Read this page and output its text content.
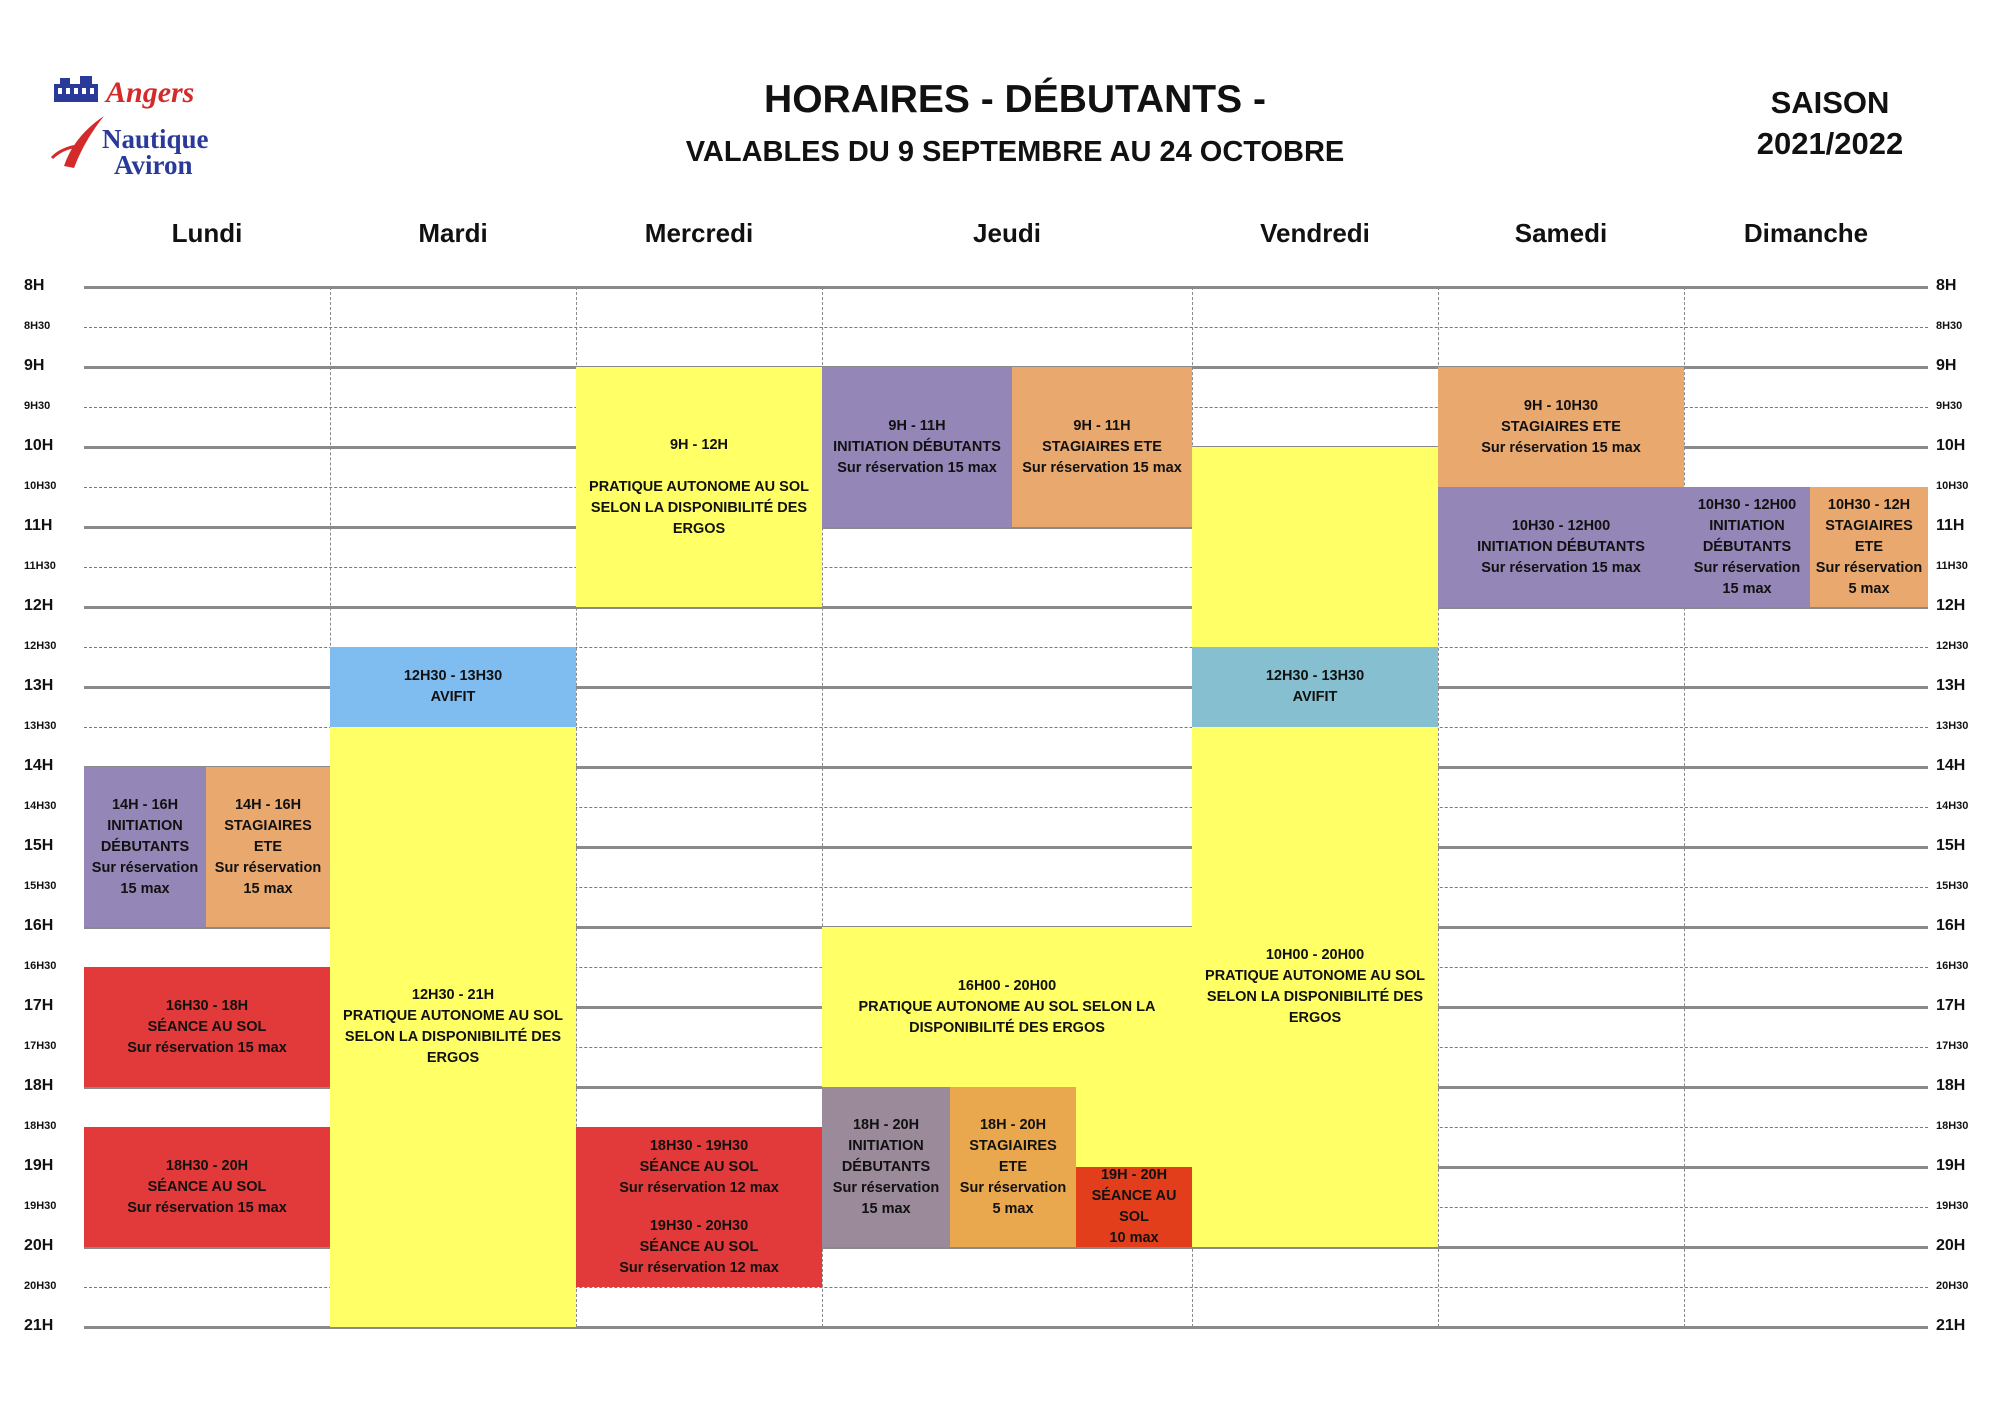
Angers
Nautique
Aviron
HORAIRES - DÉBUTANTS -
VALABLES DU 9 SEPTEMBRE AU 24 OCTOBRE
SAISON
2021/2022
Lundi	Mardi	Mercredi	Jeudi	Vendredi	Samedi	Dimanche
8H	8H
8H30	8H30
9H	9H
9H30	9H30
10H	10H
10H30	10H30
11H	11H
11H30	11H30
12H	12H
12H30	12H30
13H	13H
13H30	13H30
14H	14H
14H30	14H30
15H	15H
15H30	15H30
16H	16H
16H30	16H30
17H	17H
17H30	17H30
18H	18H
18H30	18H30
19H	19H
19H30	19H30
20H	20H
20H30	20H30
21H	21H
14H - 16H
INITIATION
DÉBUTANTS
Sur réservation
15 max
14H - 16H
STAGIAIRES ETE
Sur réservation
15 max
16H30 - 18H
SÉANCE AU SOL
Sur réservation 15 max
18H30 - 20H
SÉANCE AU SOL
Sur réservation 15 max
12H30 - 13H30
AVIFIT
12H30 - 21H
PRATIQUE AUTONOME AU SOL
SELON LA DISPONIBILITÉ DES
ERGOS
9H - 12H

PRATIQUE AUTONOME AU SOL
SELON LA DISPONIBILITÉ DES
ERGOS
18H30 - 19H30
SÉANCE AU SOL
Sur réservation 12 max
19H30 - 20H30
SÉANCE AU SOL
Sur réservation 12 max
9H - 11H
INITIATION DÉBUTANTS
Sur réservation 15 max
9H - 11H
STAGIAIRES ETE
Sur réservation 15 max
16H00 - 20H00
PRATIQUE AUTONOME AU SOL SELON LA
DISPONIBILITÉ DES ERGOS
18H - 20H
INITIATION
DÉBUTANTS
Sur réservation
15 max
18H - 20H
STAGIAIRES ETE
Sur réservation
5 max
19H - 20H
SÉANCE AU SOL
10 max
12H30 - 13H30
AVIFIT
10H00 - 20H00
PRATIQUE AUTONOME AU SOL
SELON LA DISPONIBILITÉ DES
ERGOS
9H - 10H30
STAGIAIRES ETE
Sur réservation 15 max
10H30 - 12H00
INITIATION DÉBUTANTS
Sur réservation 15 max
10H30 - 12H00
INITIATION
DÉBUTANTS
Sur réservation
15 max
10H30 - 12H
STAGIAIRES
ETE
Sur réservation
5 max
